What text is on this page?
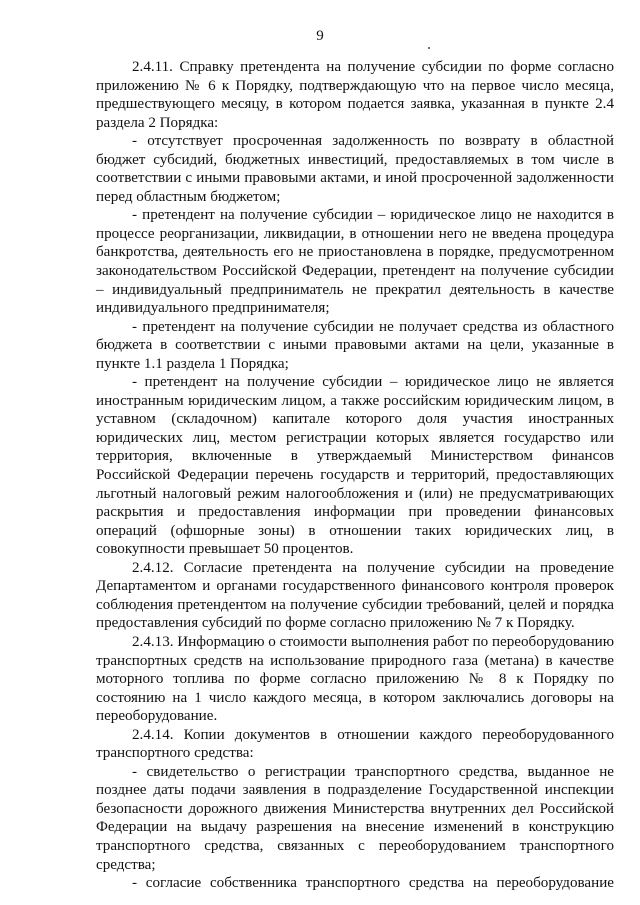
9

2.4.11. Справку претендента на получение субсидии по форме согласно приложению № 6 к Порядку, подтверждающую что на первое число месяца, предшествующего месяцу, в котором подается заявка, указанная в пункте 2.4 раздела 2 Порядка:

- отсутствует просроченная задолженность по возврату в областной бюджет субсидий, бюджетных инвестиций, предоставляемых в том числе в соответствии с иными правовыми актами, и иной просроченной задолженности перед областным бюджетом;

- претендент на получение субсидии – юридическое лицо не находится в процессе реорганизации, ликвидации, в отношении него не введена процедура банкротства, деятельность его не приостановлена в порядке, предусмотренном законодательством Российской Федерации, претендент на получение субсидии – индивидуальный предприниматель не прекратил деятельность в качестве индивидуального предпринимателя;

- претендент на получение субсидии не получает средства из областного бюджета в соответствии с иными правовыми актами на цели, указанные в пункте 1.1 раздела 1 Порядка;

- претендент на получение субсидии – юридическое лицо не является иностранным юридическим лицом, а также российским юридическим лицом, в уставном (складочном) капитале которого доля участия иностранных юридических лиц, местом регистрации которых является государство или территория, включенные в утверждаемый Министерством финансов Российской Федерации перечень государств и территорий, предоставляющих льготный налоговый режим налогообложения и (или) не предусматривающих раскрытия и предоставления информации при проведении финансовых операций (офшорные зоны) в отношении таких юридических лиц, в совокупности превышает 50 процентов.

2.4.12. Согласие претендента на получение субсидии на проведение Департаментом и органами государственного финансового контроля проверок соблюдения претендентом на получение субсидии требований, целей и порядка предоставления субсидий по форме согласно приложению № 7 к Порядку.

2.4.13. Информацию о стоимости выполнения работ по переоборудованию транспортных средств на использование природного газа (метана) в качестве моторного топлива по форме согласно приложению № 8 к Порядку по состоянию на 1 число каждого месяца, в котором заключались договоры на переоборудование.

2.4.14. Копии документов в отношении каждого переоборудованного транспортного средства:

- свидетельство о регистрации транспортного средства, выданное не позднее даты подачи заявления в подразделение Государственной инспекции безопасности дорожного движения Министерства внутренних дел Российской Федерации на выдачу разрешения на внесение изменений в конструкцию транспортного средства, связанных с переоборудованием транспортного средства;

- согласие собственника транспортного средства на переоборудование
